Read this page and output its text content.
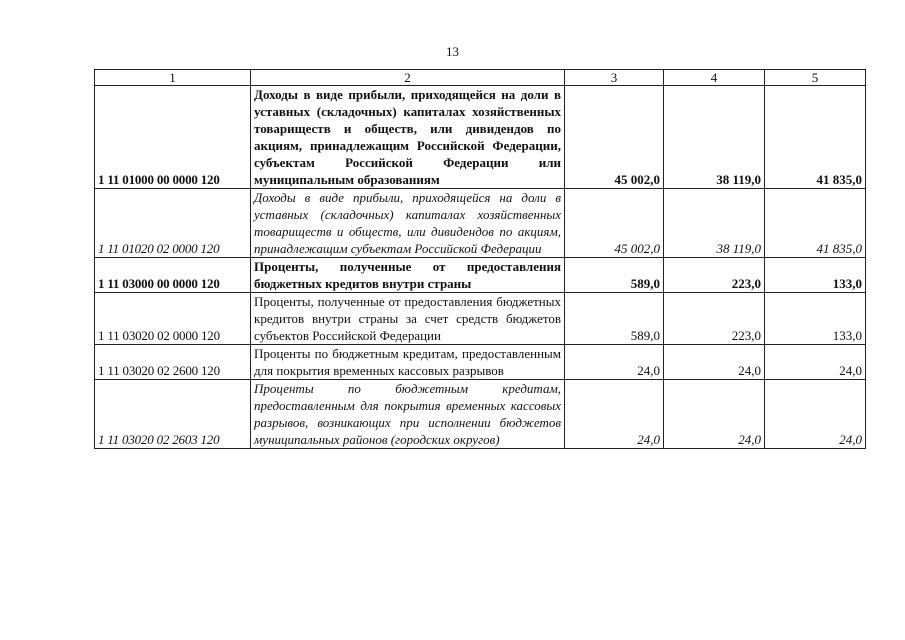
13
1	2	3	4	5
1 11 01000 00 0000 120	Доходы в виде прибыли, приходящейся на доли в уставных (складочных) капиталах хозяйственных товариществ и обществ, или дивидендов по акциям, принадлежащим Российской Федерации, субъектам Российской Федерации или муниципальным образованиям	45 002,0	38 119,0	41 835,0
1 11 01020 02 0000 120	Доходы в виде прибыли, приходящейся на доли в уставных (складочных) капиталах хозяйственных товариществ и обществ, или дивидендов по акциям, принадлежащим субъектам Российской Федерации	45 002,0	38 119,0	41 835,0
1 11 03000 00 0000 120	Проценты, полученные от предоставления бюджетных кредитов внутри страны	589,0	223,0	133,0
1 11 03020 02 0000 120	Проценты, полученные от предоставления бюджетных кредитов внутри страны за счет средств бюджетов субъектов Российской Федерации	589,0	223,0	133,0
1 11 03020 02 2600 120	Проценты по бюджетным кредитам, предоставленным для покрытия временных кассовых разрывов	24,0	24,0	24,0
1 11 03020 02 2603 120	Проценты по бюджетным кредитам, предоставленным для покрытия временных кассовых разрывов, возникающих при исполнении бюджетов муниципальных районов (городских округов)	24,0	24,0	24,0
